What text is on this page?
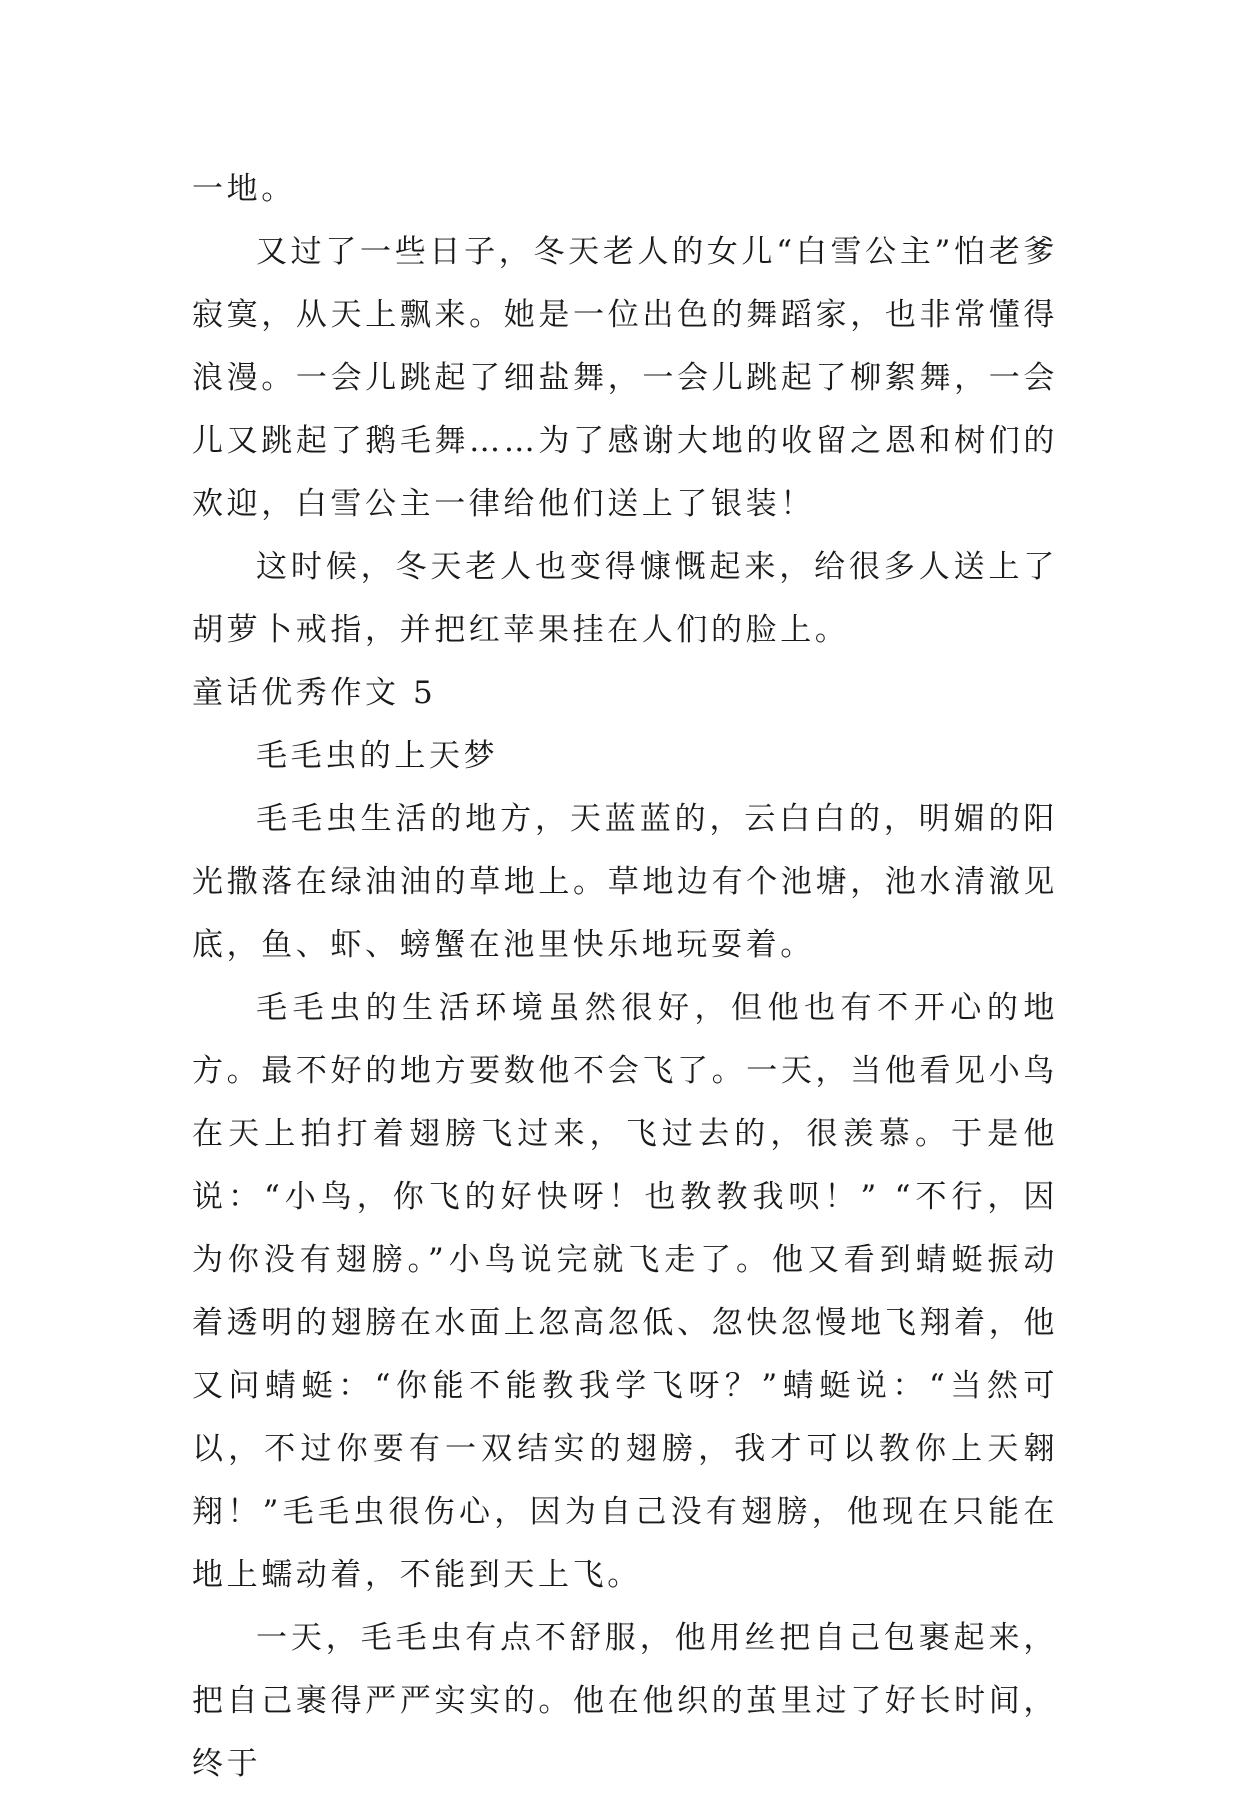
一地。

又过了一些日子，冬天老人的女儿“白雪公主”怕老爹寂寞，从天上飘来。她是一位出色的舞蹈家，也非常懂得浪漫。一会儿跳起了细盐舞，一会儿跳起了柳絮舞，一会儿又跳起了鹅毛舞……为了感谢大地的收留之恩和树们的欢迎，白雪公主一律给他们送上了银装！

这时候，冬天老人也变得慷慨起来，给很多人送上了胡萝卜戒指，并把红苹果挂在人们的脸上。

童话优秀作文 5

毛毛虫的上天梦

毛毛虫生活的地方，天蓝蓝的，云白白的，明媚的阳光撒落在绿油油的草地上。草地边有个池塘，池水清澈见底，鱼、虾、螃蟹在池里快乐地玩耍着。

毛毛虫的生活环境虽然很好，但他也有不开心的地方。最不好的地方要数他不会飞了。一天，当他看见小鸟在天上拍打着翅膀飞过来，飞过去的，很羡慕。于是他说：“小鸟，你飞的好快呀！也教教我呗！” “不行，因为你没有翅膀。”小鸟说完就飞走了。他又看到蜻蜓振动着透明的翅膀在水面上忽高忽低、忽快忽慢地飞翔着，他又问蜻蜓：“你能不能教我学飞呀？”蜻蜓说：“当然可以，不过你要有一双结实的翅膀，我才可以教你上天翱翔！”毛毛虫很伤心，因为自己没有翅膀，他现在只能在地上蠕动着，不能到天上飞。

一天，毛毛虫有点不舒服，他用丝把自己包裹起来，把自己裹得严严实实的。他在他织的茧里过了好长时间，终于
